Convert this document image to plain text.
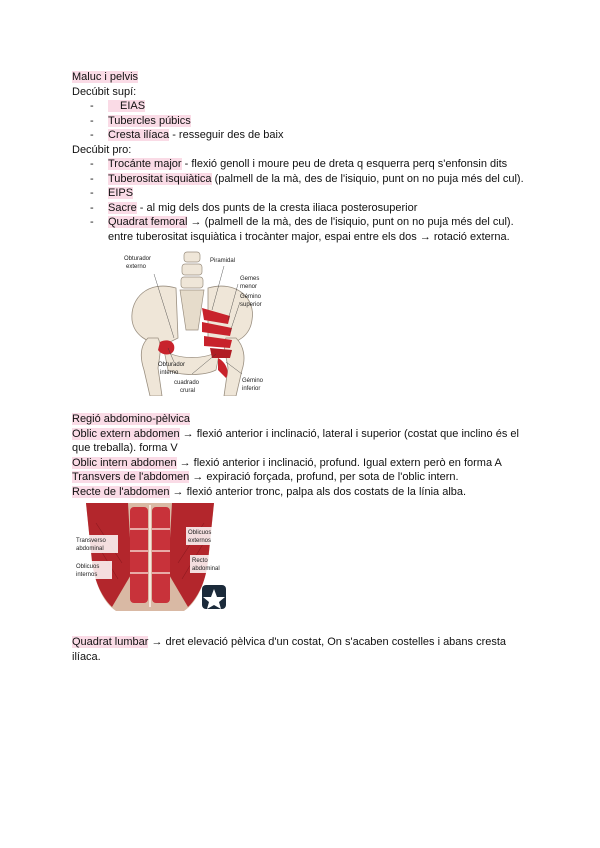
Maluc i pelvis

Decúbit supí:

- EIAS
- Tubercles púbics
- Cresta ilíaca - resseguir des de baix

Decúbit pro:

- Trocánte major - flexió genoll i moure peu de dreta q esquerra perq s'enfonsin dits
- Tuberositat isquiàtica (palmell de la mà, des de l'isiquio, punt on no puja més del cul).
- EIPS
- Sacre - al mig dels dos punts de la cresta iliaca posterosuperior
- Quadrat femoral → (palmell de la mà, des de l'isiquio, punt on no puja més del cul). entre tuberositat isquiàtica i trocànter major, espai entre els dos → rotació externa.
Obturador
externo
Piramidal
Gemes
menor
Gémino
superior
Obturador
interno
cuadrado
crural
Gémino
inferior

Regió abdomino-pèlvica

Oblic extern abdomen → flexió anterior i inclinació, lateral i superior (costat que inclino és el que treballa). forma V

Oblic intern abdomen → flexió anterior i inclinació, profund. Igual extern però en forma A

Transvers de l'abdomen → expiració forçada, profund, per sota de l'oblic intern.

Recte de l'abdomen → flexió anterior tronc, palpa als dos costats de la línia alba.

Transverso
abdominal
Oblicuos
internos
Oblicuos
externos
Recto
abdominal

Quadrat lumbar → dret elevació pèlvica d'un costat, On s'acaben costelles i abans cresta ilíaca.
